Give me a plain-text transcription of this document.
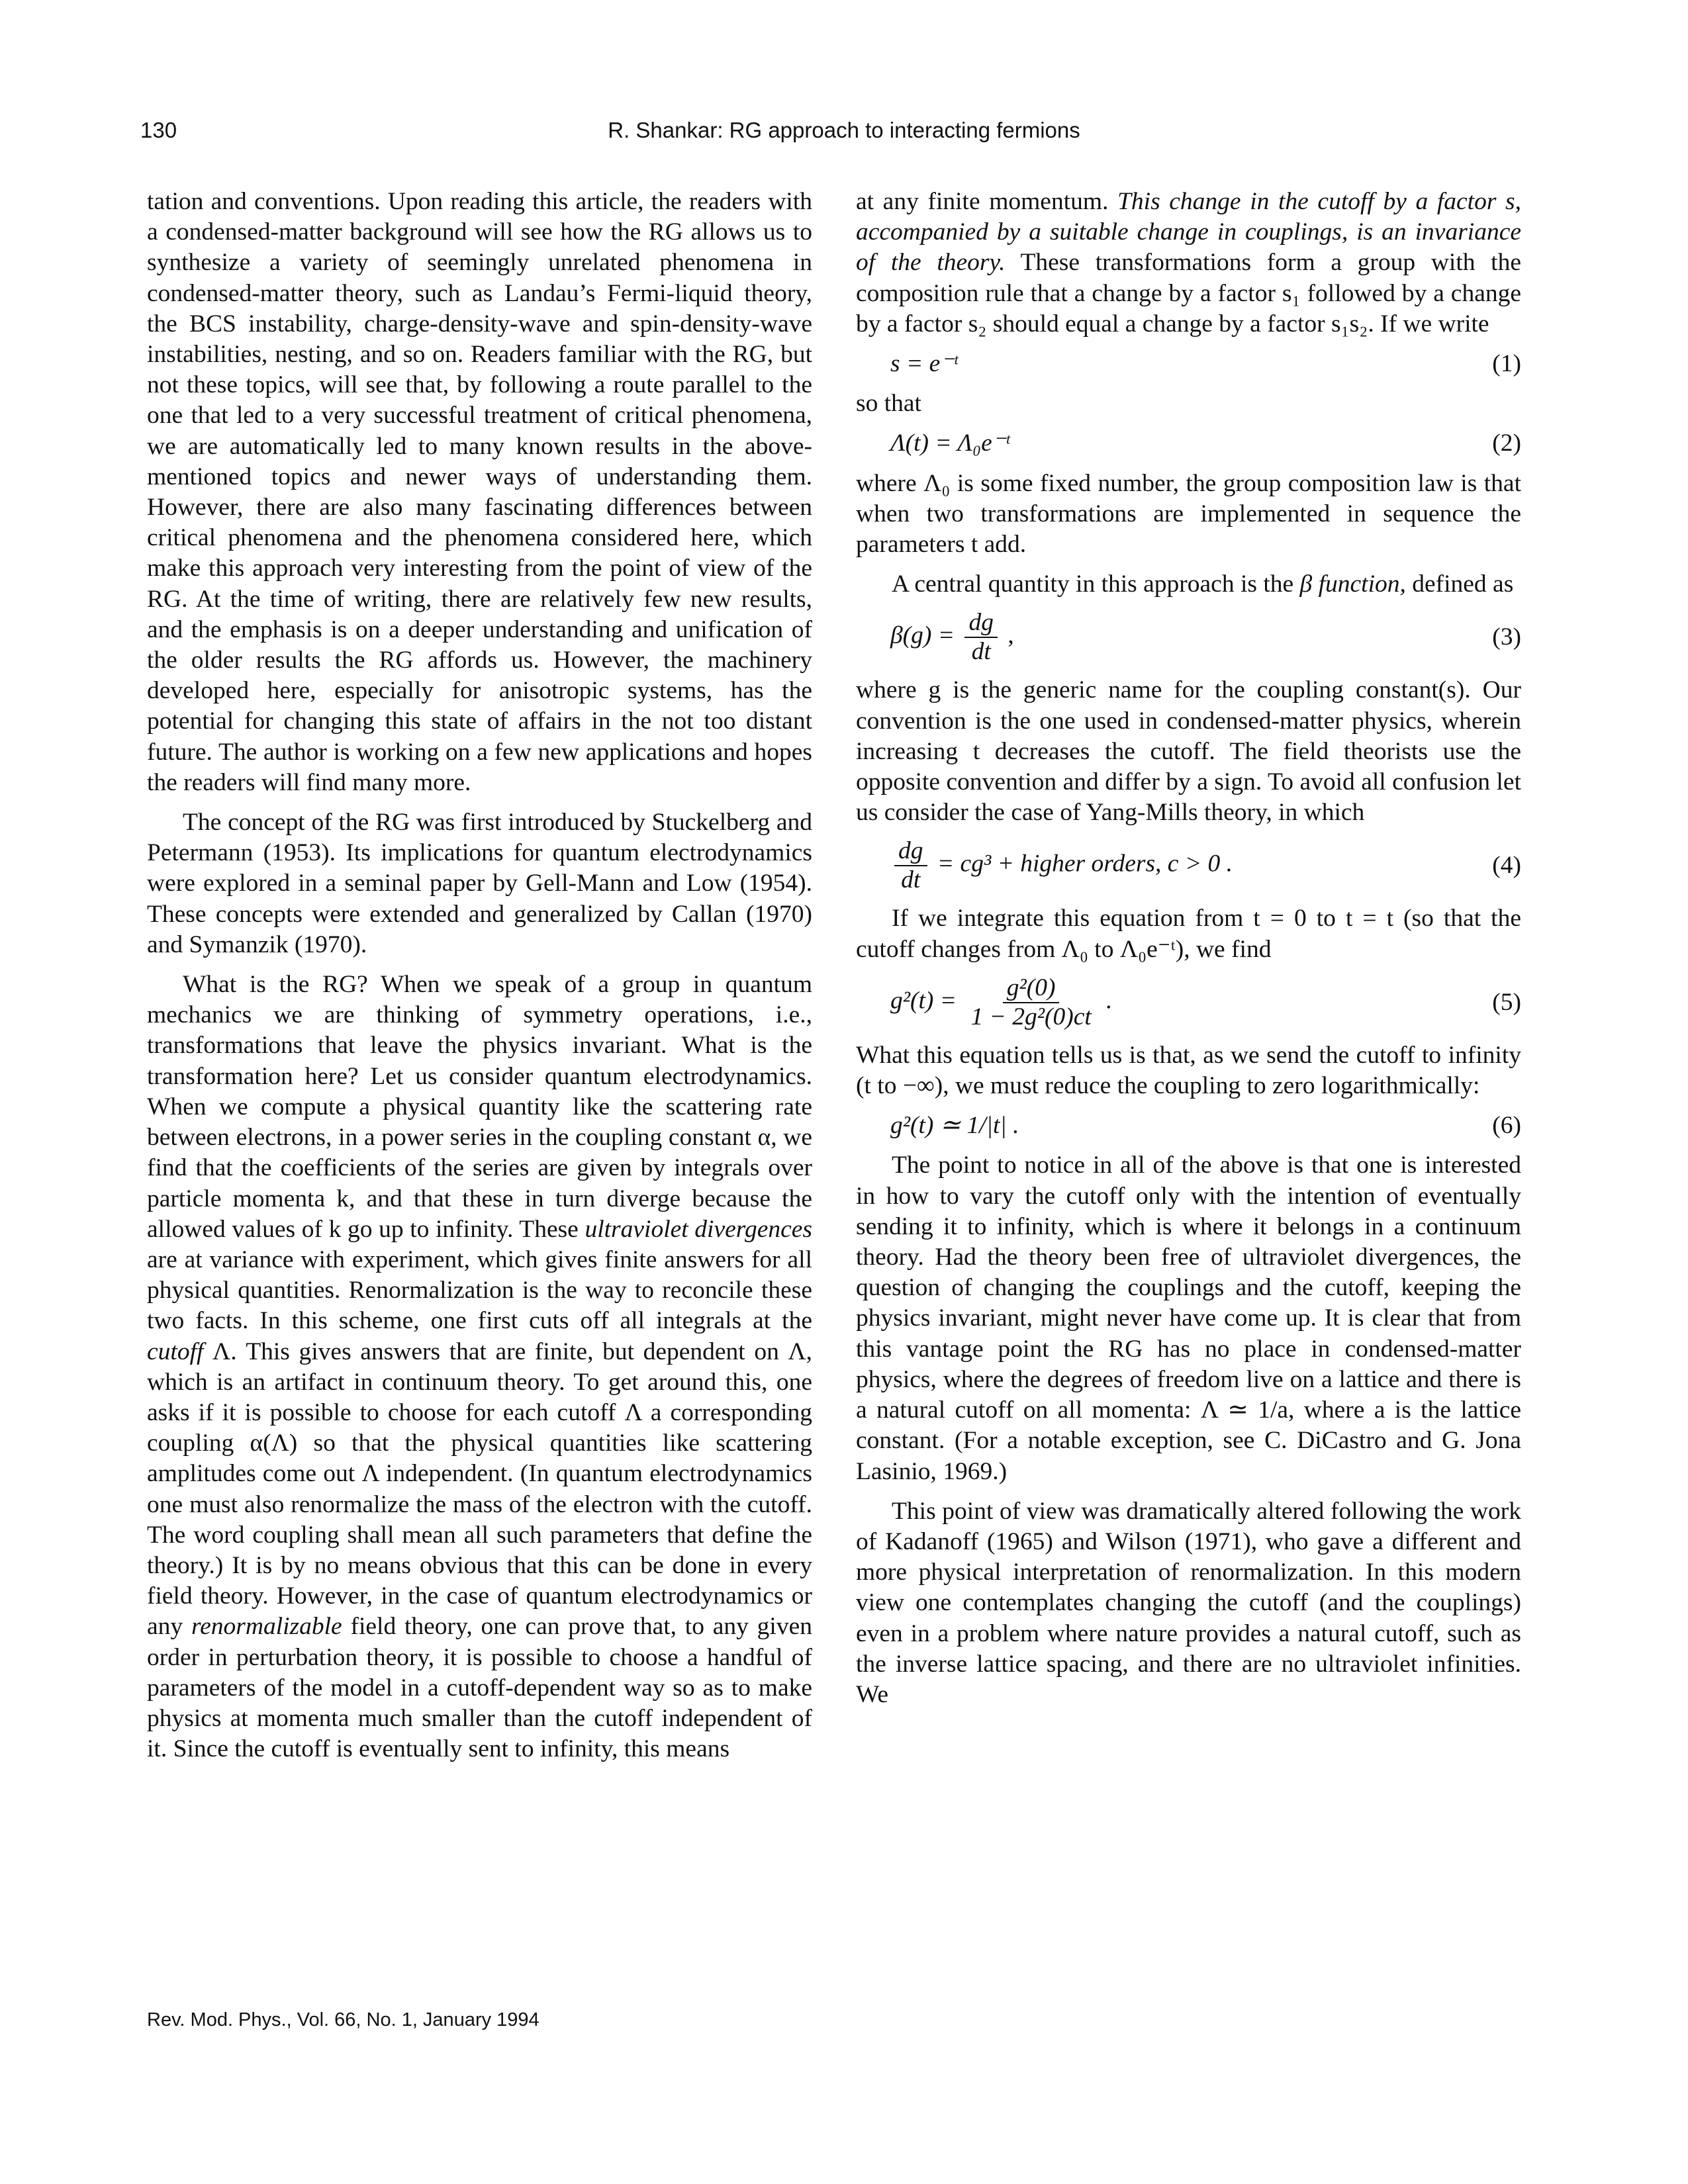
130	R. Shankar: RG approach to interacting fermions

tation and conventions. Upon reading this article, the readers with a condensed-matter background will see how the RG allows us to synthesize a variety of seemingly unrelated phenomena in condensed-matter theory, such as Landau’s Fermi-liquid theory, the BCS instability, charge-density-wave and spin-density-wave instabilities, nesting, and so on. Readers familiar with the RG, but not these topics, will see that, by following a route parallel to the one that led to a very successful treatment of critical phenomena, we are automatically led to many known results in the above-mentioned topics and newer ways of understanding them. However, there are also many fascinating differences between critical phenomena and the phenomena considered here, which make this approach very interesting from the point of view of the RG. At the time of writing, there are relatively few new results, and the emphasis is on a deeper understanding and unification of the older results the RG affords us. However, the machinery developed here, especially for anisotropic systems, has the potential for changing this state of affairs in the not too distant future. The author is working on a few new applications and hopes the readers will find many more.

The concept of the RG was first introduced by Stuckelberg and Petermann (1953). Its implications for quantum electrodynamics were explored in a seminal paper by Gell-Mann and Low (1954). These concepts were extended and generalized by Callan (1970) and Symanzik (1970).

What is the RG? When we speak of a group in quantum mechanics we are thinking of symmetry operations, i.e., transformations that leave the physics invariant. What is the transformation here? Let us consider quantum electrodynamics. When we compute a physical quantity like the scattering rate between electrons, in a power series in the coupling constant α, we find that the coefficients of the series are given by integrals over particle momenta k, and that these in turn diverge because the allowed values of k go up to infinity. These ultraviolet divergences are at variance with experiment, which gives finite answers for all physical quantities. Renormalization is the way to reconcile these two facts. In this scheme, one first cuts off all integrals at the cutoff Λ. This gives answers that are finite, but dependent on Λ, which is an artifact in continuum theory. To get around this, one asks if it is possible to choose for each cutoff Λ a corresponding coupling α(Λ) so that the physical quantities like scattering amplitudes come out Λ independent. (In quantum electrodynamics one must also renormalize the mass of the electron with the cutoff. The word coupling shall mean all such parameters that define the theory.) It is by no means obvious that this can be done in every field theory. However, in the case of quantum electrodynamics or any renormalizable field theory, one can prove that, to any given order in perturbation theory, it is possible to choose a handful of parameters of the model in a cutoff-dependent way so as to make physics at momenta much smaller than the cutoff independent of it. Since the cutoff is eventually sent to infinity, this means

at any finite momentum. This change in the cutoff by a factor s, accompanied by a suitable change in couplings, is an invariance of the theory. These transformations form a group with the composition rule that a change by a factor s₁ followed by a change by a factor s₂ should equal a change by a factor s₁s₂. If we write

s = e⁻ᵗ	(1)

so that

Λ(t) = Λ₀e⁻ᵗ	(2)

where Λ₀ is some fixed number, the group composition law is that when two transformations are implemented in sequence the parameters t add.

A central quantity in this approach is the β function, defined as

$\beta(g) = \frac{dg}{dt}$ ,	(3)

where g is the generic name for the coupling constant(s). Our convention is the one used in condensed-matter physics, wherein increasing t decreases the cutoff. The field theorists use the opposite convention and differ by a sign. To avoid all confusion let us consider the case of Yang-Mills theory, in which

$\frac{dg}{dt} = cg^3$ + higher orders, c > 0 .	(4)

If we integrate this equation from t = 0 to t = t (so that the cutoff changes from Λ₀ to Λ₀e⁻ᵗ), we find

$g^2(t) = \frac{\text{g²(0)}}{\text{1 − 2g²(0)ct}}$ .	(5)

What this equation tells us is that, as we send the cutoff to infinity (t to −∞), we must reduce the coupling to zero logarithmically:

g²(t) ≃ 1/|t| .	(6)

The point to notice in all of the above is that one is interested in how to vary the cutoff only with the intention of eventually sending it to infinity, which is where it belongs in a continuum theory. Had the theory been free of ultraviolet divergences, the question of changing the couplings and the cutoff, keeping the physics invariant, might never have come up. It is clear that from this vantage point the RG has no place in condensed-matter physics, where the degrees of freedom live on a lattice and there is a natural cutoff on all momenta: Λ ≃ 1/a, where a is the lattice constant. (For a notable exception, see C. DiCastro and G. Jona Lasinio, 1969.)

This point of view was dramatically altered following the work of Kadanoff (1965) and Wilson (1971), who gave a different and more physical interpretation of renormalization. In this modern view one contemplates changing the cutoff (and the couplings) even in a problem where nature provides a natural cutoff, such as the inverse lattice spacing, and there are no ultraviolet infinities. We

Rev. Mod. Phys., Vol. 66, No. 1, January 1994
